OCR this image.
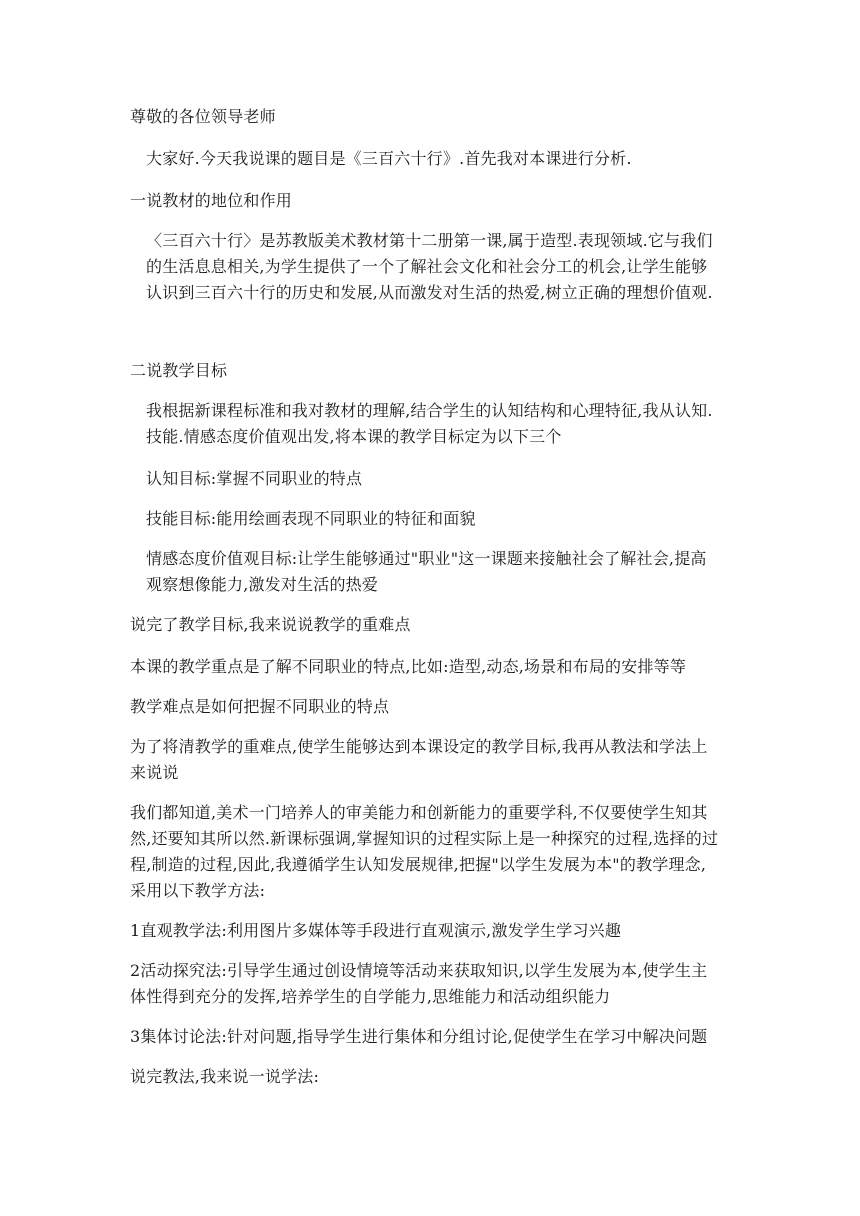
尊敬的各位领导老师

大家好.今天我说课的题目是《三百六十行》.首先我对本课进行分析.

一说教材的地位和作用

〈三百六十行〉是苏教版美术教材第十二册第一课,属于造型.表现领域.它与我们的生活息息相关,为学生提供了一个了解社会文化和社会分工的机会,让学生能够认识到三百六十行的历史和发展,从而激发对生活的热爱,树立正确的理想价值观.

二说教学目标

我根据新课程标准和我对教材的理解,结合学生的认知结构和心理特征,我从认知.技能.情感态度价值观出发,将本课的教学目标定为以下三个

认知目标:掌握不同职业的特点

技能目标:能用绘画表现不同职业的特征和面貌

情感态度价值观目标:让学生能够通过"职业"这一课题来接触社会了解社会,提高观察想像能力,激发对生活的热爱

说完了教学目标,我来说说教学的重难点

本课的教学重点是了解不同职业的特点,比如:造型,动态,场景和布局的安排等等

教学难点是如何把握不同职业的特点

为了将清教学的重难点,使学生能够达到本课设定的教学目标,我再从教法和学法上来说说

我们都知道,美术一门培养人的审美能力和创新能力的重要学科,不仅要使学生知其然,还要知其所以然.新课标强调,掌握知识的过程实际上是一种探究的过程,选择的过程,制造的过程,因此,我遵循学生认知发展规律,把握"以学生发展为本"的教学理念,采用以下教学方法:

1直观教学法:利用图片多媒体等手段进行直观演示,激发学生学习兴趣

2活动探究法:引导学生通过创设情境等活动来获取知识,以学生发展为本,使学生主体性得到充分的发挥,培养学生的自学能力,思维能力和活动组织能力

3集体讨论法:针对问题,指导学生进行集体和分组讨论,促使学生在学习中解决问题

说完教法,我来说一说学法:
